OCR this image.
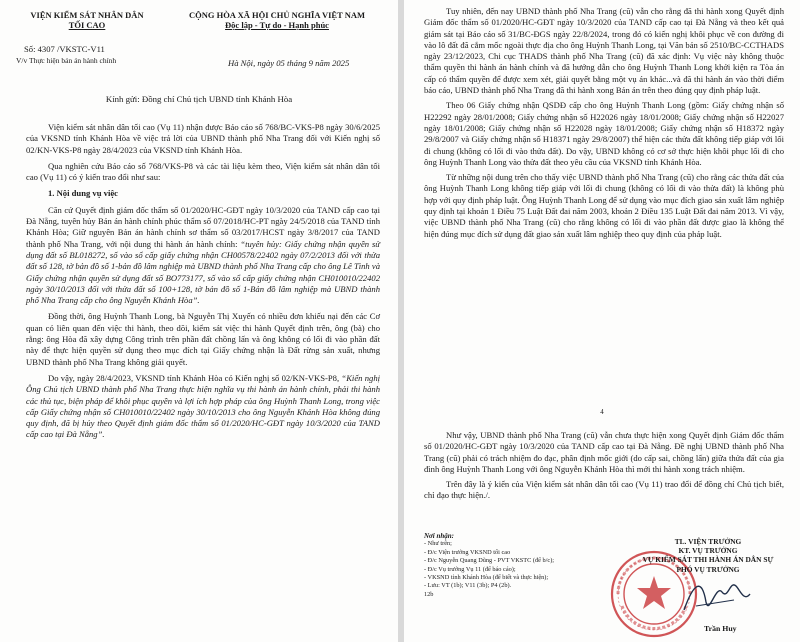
VIỆN KIỂM SÁT NHÂN DÂN
TỐI CAO
CỘNG HÒA XÃ HỘI CHỦ NGHĨA VIỆT NAM
Độc lập - Tự do - Hạnh phúc
Số: 4307 /VKSTC-V11
V/v Thực hiện bản án hành chính	Hà Nội, ngày 05 tháng 9 năm 2025
Kính gửi: Đồng chí Chủ tịch UBND tỉnh Khánh Hòa

Viện kiểm sát nhân dân tối cao (Vụ 11) nhận được Báo cáo số 768/BC-VKS-P8 ngày 30/6/2025 của VKSND tỉnh Khánh Hòa về việc trả lời của UBND thành phố Nha Trang đối với Kiến nghị số 02/KN-VKS-P8 ngày 28/4/2023 của VKSND tỉnh Khánh Hòa.

Qua nghiên cứu Báo cáo số 768/VKS-P8 và các tài liệu kèm theo, Viện kiểm sát nhân dân tối cao (Vụ 11) có ý kiến trao đổi như sau:

1. Nội dung vụ việc

Căn cứ Quyết định giám đốc thẩm số 01/2020/HC-GĐT ngày 10/3/2020 của TAND cấp cao tại Đà Nẵng, tuyên hủy Bản án hành chính phúc thẩm số 07/2018/HC-PT ngày 24/5/2018 của TAND tỉnh Khánh Hòa; Giữ nguyên Bản án hành chính sơ thẩm số 03/2017/HCST ngày 3/8/2017 của TAND thành phố Nha Trang, với nội dung thi hành án hành chính: “tuyên hủy: Giấy chứng nhận quyền sử dụng đất số BL018272, số vào sổ cấp giấy chứng nhận CH00578/22402 ngày 07/2/2013 đối với thửa đất số 128, tờ bản đồ số 1-bản đồ lâm nghiệp mà UBND thành phố Nha Trang cấp cho ông Lê Tình và Giấy chứng nhận quyền sử dụng đất số BO773177, số vào sổ cấp giấy chứng nhận CH010010/22402 ngày 30/10/2013 đối với thửa đất số 100+128, tờ bản đồ số 1-Bản đồ lâm nghiệp mà UBND thành phố Nha Trang cấp cho ông Nguyễn Khánh Hòa”.

Đồng thời, ông Huỳnh Thanh Long, bà Nguyễn Thị Xuyến có nhiều đơn khiếu nại đến các Cơ quan có liên quan đến việc thi hành, theo dõi, kiểm sát việc thi hành Quyết định trên, ông (bà) cho rằng: ông Hòa đã xây dựng Công trình trên phần đất chồng lấn và ông không có lối đi vào phần đất này để thực hiện quyền sử dụng theo mục đích tại Giấy chứng nhận là Đất rừng sản xuất, nhưng UBND thành phố Nha Trang không giải quyết.

Do vậy, ngày 28/4/2023, VKSND tỉnh Khánh Hòa có Kiến nghị số 02/KN-VKS-P8, “Kiến nghị Ông Chủ tịch UBND thành phố Nha Trang thực hiện nghĩa vụ thi hành án hành chính, phải thi hành các thủ tục, biện pháp để khôi phục quyền và lợi ích hợp pháp của ông Huỳnh Thanh Long, trong việc cấp Giấy chứng nhận số CH010010/22402 ngày 30/10/2013 cho ông Nguyễn Khánh Hòa không đúng quy định, đã bị hủy theo Quyết định giám đốc thẩm số 01/2020/HC-GĐT ngày 10/3/2020 của TAND cấp cao tại Đà Nẵng”.

Tuy nhiên, đến nay UBND thành phố Nha Trang (cũ) vẫn cho rằng đã thi hành xong Quyết định Giám đốc thẩm số 01/2020/HC-GĐT ngày 10/3/2020 của TAND cấp cao tại Đà Nẵng và theo kết quả giám sát tại Báo cáo số 31/BC-ĐGS ngày 22/8/2024, trong đó có kiến nghị khôi phục về con đường đi vào lô đất đã cắm mốc ngoài thực địa cho ông Huỳnh Thanh Long, tại Văn bản số 2510/BC-CCTHADS ngày 23/12/2023, Chi cục THADS thành phố Nha Trang (cũ) đã xác định: Vụ việc này không thuộc thẩm quyền thi hành án hành chính và đã hướng dẫn cho ông Huỳnh Thanh Long khởi kiện ra Tòa án cấp có thẩm quyền để được xem xét, giải quyết bằng một vụ án khác...và đã thi hành án vào thời điểm báo cáo, UBND thành phố Nha Trang đã thi hành xong Bản án trên theo đúng quy định pháp luật.

Theo 06 Giấy chứng nhận QSDĐ cấp cho ông Huỳnh Thanh Long (gồm: Giấy chứng nhận số H22292 ngày 28/01/2008; Giấy chứng nhận số H22026 ngày 18/01/2008; Giấy chứng nhận số H22027 ngày 18/01/2008; Giấy chứng nhận số H22028 ngày 18/01/2008; Giấy chứng nhận số H18372 ngày 29/8/2007 và Giấy chứng nhận số H18371 ngày 29/8/2007) thể hiện các thửa đất không tiếp giáp với lối đi chung (không có lối đi vào thửa đất). Do vậy, UBND không có cơ sở thực hiện khôi phục lối đi cho ông Huỳnh Thanh Long vào thửa đất theo yêu cầu của VKSND tỉnh Khánh Hòa.

Từ những nội dung trên cho thấy việc UBND thành phố Nha Trang (cũ) cho rằng các thửa đất của ông Huỳnh Thanh Long không tiếp giáp với lối đi chung (không có lối đi vào thửa đất) là không phù hợp với quy định pháp luật. Ông Huỳnh Thanh Long để sử dụng vào mục đích giao sản xuất lâm nghiệp quy định tại khoản 1 Điều 75 Luật Đất đai năm 2003, khoản 2 Điều 135 Luật Đất đai năm 2013. Vì vậy, việc UBND thành phố Nha Trang (cũ) cho rằng không có lối đi vào phần đất được giao là không thể hiện đúng mục đích sử dụng đất giao sản xuất lâm nghiệp theo quy định của pháp luật.

4

Như vậy, UBND thành phố Nha Trang (cũ) vẫn chưa thực hiện xong Quyết định Giám đốc thẩm số 01/2020/HC-GĐT ngày 10/3/2020 của TAND cấp cao tại Đà Nẵng. Đề nghị UBND thành phố Nha Trang (cũ) phải có trách nhiệm đo đạc, phân định mốc giới (do cấp sai, chồng lấn) giữa thửa đất của gia đình ông Huỳnh Thanh Long với ông Nguyễn Khánh Hòa thì mới thi hành xong trách nhiệm.

Trên đây là ý kiến của Viện kiểm sát nhân dân tối cao (Vụ 11) trao đổi để đồng chí Chủ tịch biết, chỉ đạo thực hiện./.

Nơi nhận:
- Như trên;
- Đ/c Viện trưởng VKSND tối cao
- Đ/c Nguyễn Quang Dũng - PVT VKSTC (để b/c);
- Đ/c Vụ trưởng Vụ 11 (để báo cáo);
- VKSND tỉnh Khánh Hòa (để biết và thực hiện);
- Lưu: VT (1b); V11 (3b); P4 (2b).
12b
TL. VIỆN TRƯỞNG
KT. VỤ TRƯỞNG
VỤ KIỂM SÁT THI HÀNH ÁN DÂN SỰ
PHÓ VỤ TRƯỞNG
Trần Huy
